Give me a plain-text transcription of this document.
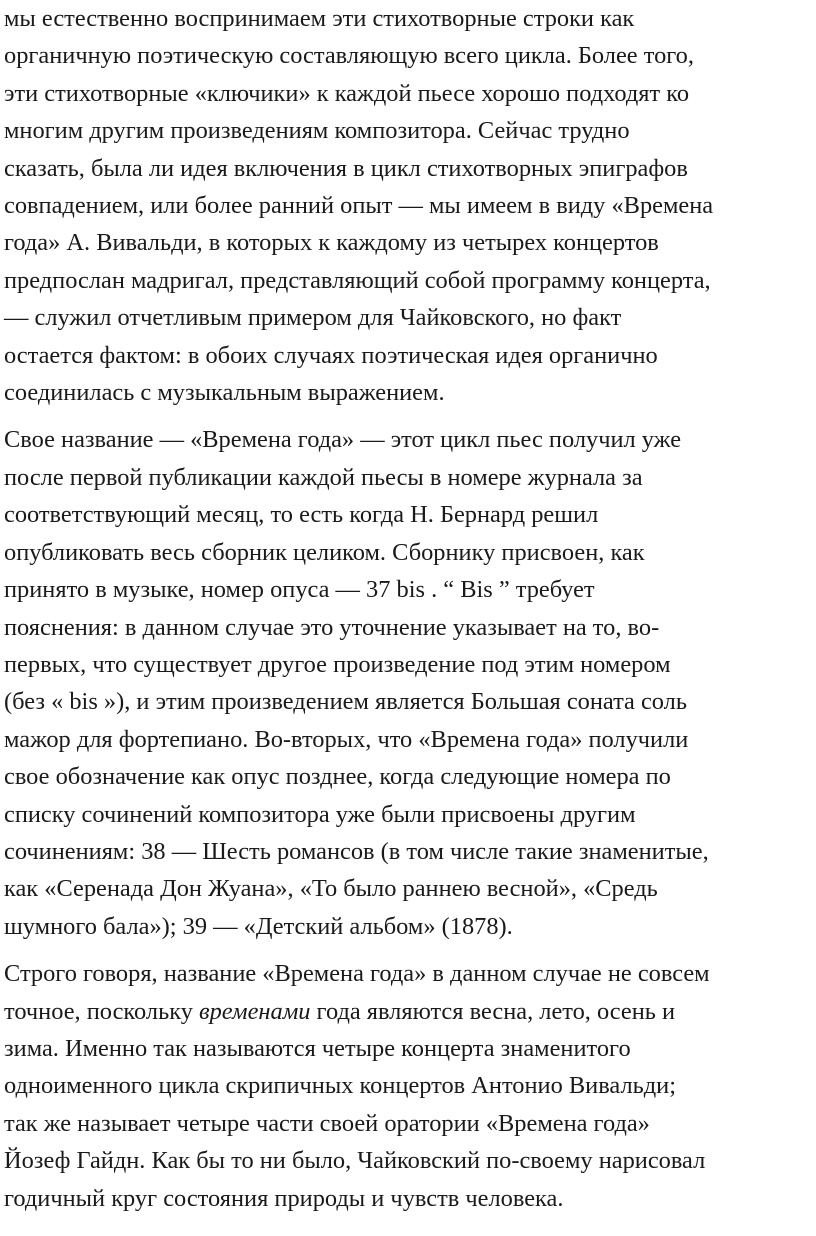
мы естественно воспринимаем эти стихотворные строки как
органичную поэтическую составляющую всего цикла. Более того,
эти стихотворные «ключики» к каждой пьесе хорошо подходят ко
многим другим произведениям композитора. Сейчас трудно
сказать, была ли идея включения в цикл стихотворных эпиграфов
совпадением, или более ранний опыт — мы имеем в виду «Времена
года» А. Вивальди, в которых к каждому из четырех концертов
предпослан мадригал, представляющий собой программу концерта,
— служил отчетливым примером для Чайковского, но факт
остается фактом: в обоих случаях поэтическая идея органично
соединилась с музыкальным выражением.

Свое название — «Времена года» — этот цикл пьес получил уже
после первой публикации каждой пьесы в номере журнала за
соответствующий месяц, то есть когда Н. Бернард решил
опубликовать весь сборник целиком. Сборнику присвоен, как
принято в музыке, номер опуса — 37 bis . “ Bis ” требует
пояснения: в данном случае это уточнение указывает на то, во-
первых, что существует другое произведение под этим номером
(без « bis »), и этим произведением является Большая соната соль
мажор для фортепиано. Во-вторых, что «Времена года» получили
свое обозначение как опус позднее, когда следующие номера по
списку сочинений композитора уже были присвоены другим
сочинениям: 38 — Шесть романсов (в том числе такие знаменитые,
как «Серенада Дон Жуана», «То было раннею весной», «Средь
шумного бала»); 39 — «Детский альбом» (1878).

Строго говоря, название «Времена года» в данном случае не совсем
точное, поскольку временами года являются весна, лето, осень и
зима. Именно так называются четыре концерта знаменитого
одноименного цикла скрипичных концертов Антонио Вивальди;
так же называет четыре части своей оратории «Времена года»
Йозеф Гайдн. Как бы то ни было, Чайковский по-своему нарисовал
годичный круг состояния природы и чувств человека.
